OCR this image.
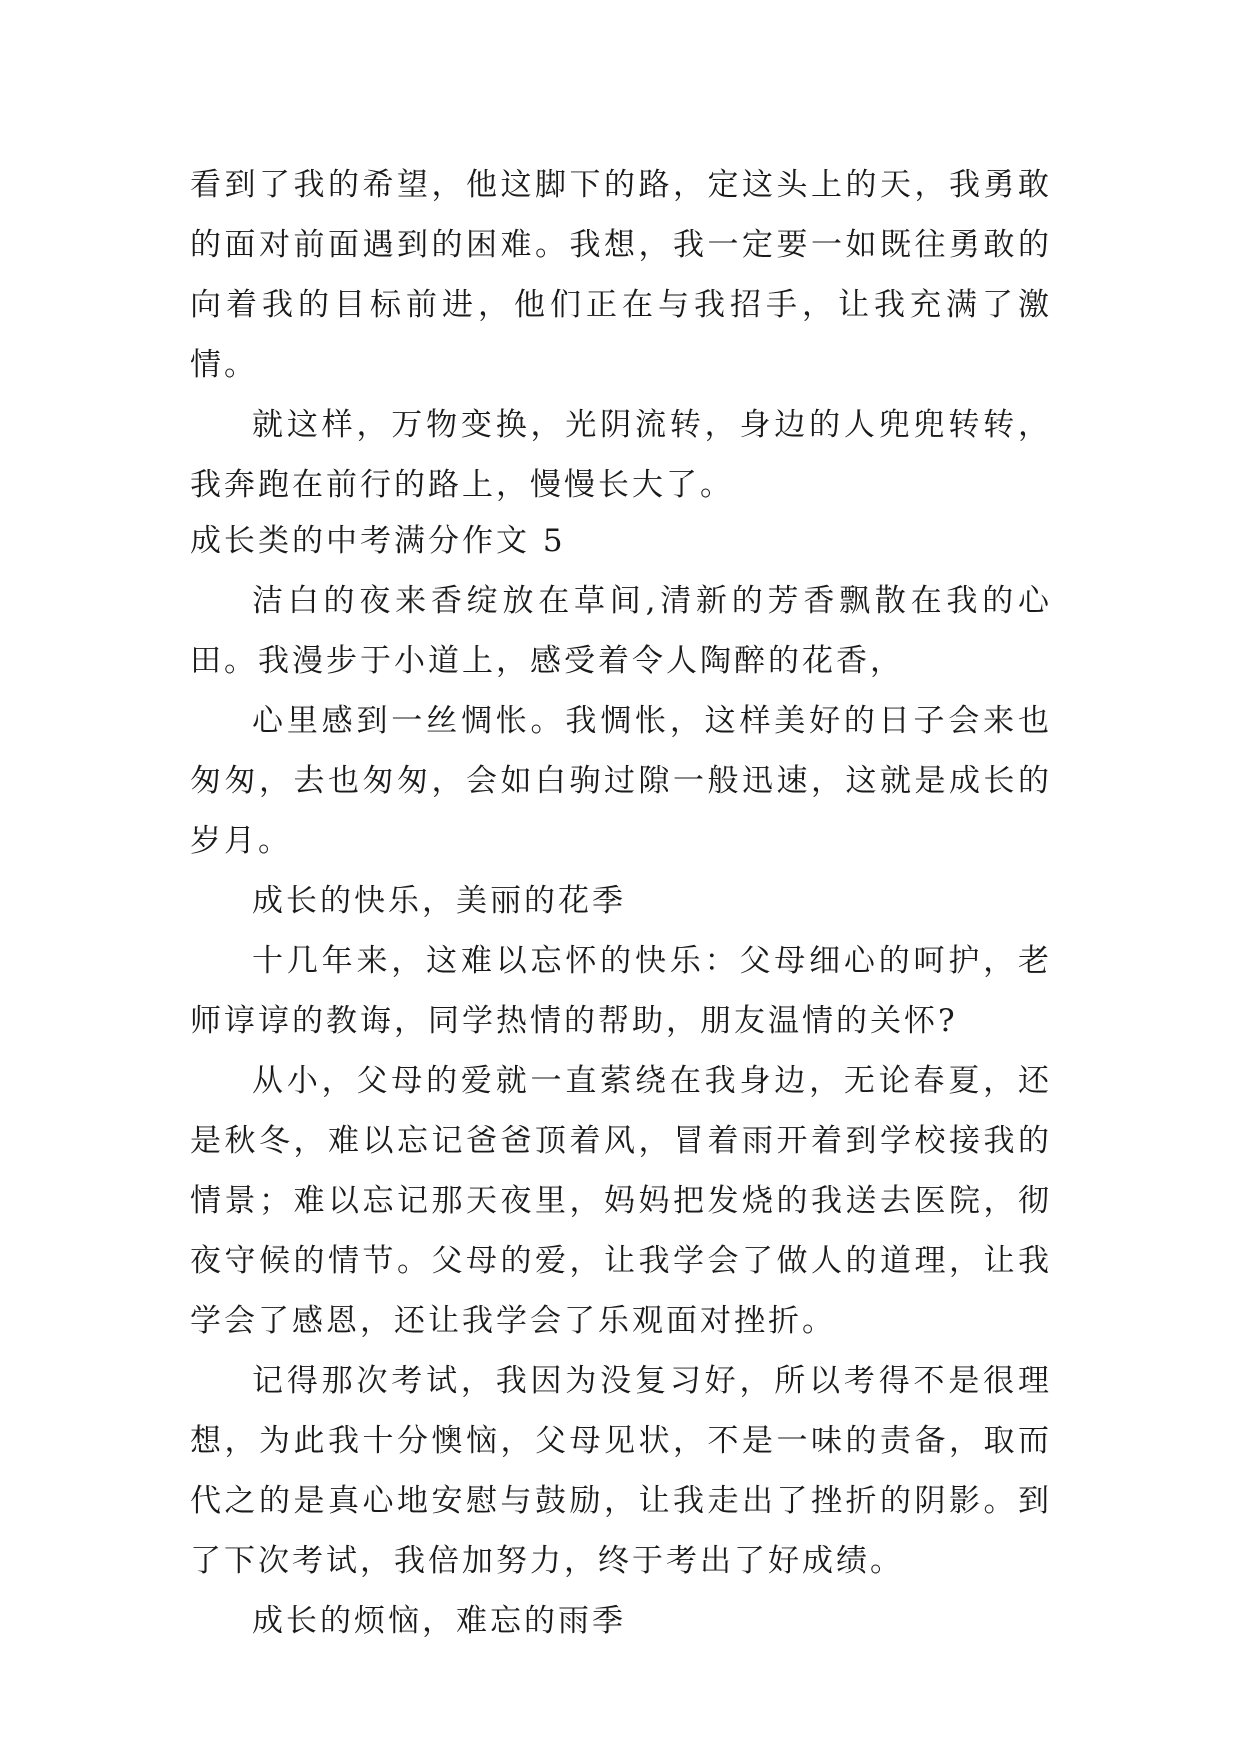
看到了我的希望，他这脚下的路，定这头上的天，我勇敢的面对前面遇到的困难。我想，我一定要一如既往勇敢的向着我的目标前进，他们正在与我招手，让我充满了激情。

就这样，万物变换，光阴流转，身边的人兜兜转转，我奔跑在前行的路上，慢慢长大了。

成长类的中考满分作文 5

洁白的夜来香绽放在草间,清新的芳香飘散在我的心田。我漫步于小道上，感受着令人陶醉的花香，

心里感到一丝惆怅。我惆怅，这样美好的日子会来也匆匆，去也匆匆，会如白驹过隙一般迅速，这就是成长的岁月。

成长的快乐，美丽的花季

十几年来，这难以忘怀的快乐：父母细心的呵护，老师谆谆的教诲，同学热情的帮助，朋友温情的关怀?

从小，父母的爱就一直萦绕在我身边，无论春夏，还是秋冬，难以忘记爸爸顶着风，冒着雨开着到学校接我的情景；难以忘记那天夜里，妈妈把发烧的我送去医院，彻夜守候的情节。父母的爱，让我学会了做人的道理，让我学会了感恩，还让我学会了乐观面对挫折。

记得那次考试，我因为没复习好，所以考得不是很理想，为此我十分懊恼，父母见状，不是一味的责备，取而代之的是真心地安慰与鼓励，让我走出了挫折的阴影。到了下次考试，我倍加努力，终于考出了好成绩。

成长的烦恼，难忘的雨季
